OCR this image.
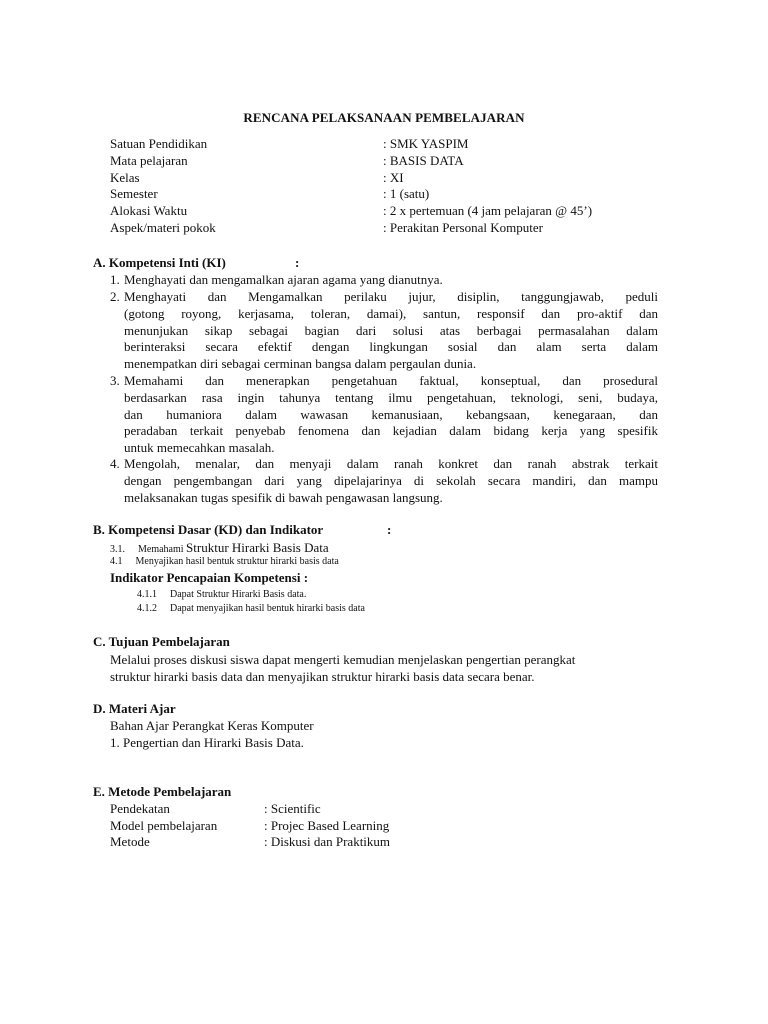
RENCANA PELAKSANAAN PEMBELAJARAN
Satuan Pendidikan	: SMK YASPIM
Mata pelajaran	: BASIS DATA
Kelas	: XI
Semester	: 1 (satu)
Alokasi Waktu	: 2 x pertemuan (4 jam pelajaran @ 45’)
Aspek/materi pokok	: Perakitan Personal Komputer
A. Kompetensi Inti (KI)	:
1. Menghayati dan mengamalkan ajaran agama yang dianutnya.
2. Menghayati dan Mengamalkan perilaku jujur, disiplin, tanggungjawab, peduli
(gotong royong, kerjasama, toleran, damai), santun, responsif dan pro-aktif dan
menunjukan sikap sebagai bagian dari solusi atas berbagai permasalahan dalam
berinteraksi secara efektif dengan lingkungan sosial dan alam serta dalam
menempatkan diri sebagai cerminan bangsa dalam pergaulan dunia.
3. Memahami dan menerapkan pengetahuan faktual, konseptual, dan prosedural
berdasarkan rasa ingin tahunya tentang ilmu pengetahuan, teknologi, seni, budaya,
dan humaniora dalam wawasan kemanusiaan, kebangsaan, kenegaraan, dan
peradaban terkait penyebab fenomena dan kejadian dalam bidang kerja yang spesifik
untuk memecahkan masalah.
4. Mengolah, menalar, dan menyaji dalam ranah konkret dan ranah abstrak terkait
dengan pengembangan dari yang dipelajarinya di sekolah secara mandiri, dan mampu
melaksanakan tugas spesifik di bawah pengawasan langsung.
B. Kompetensi Dasar (KD) dan Indikator	:
3.1. Memahami Struktur Hirarki Basis Data
4.1 Menyajikan hasil bentuk struktur hirarki basis data
Indikator Pencapaian Kompetensi :
4.1.1 Dapat Struktur Hirarki Basis data.
4.1.2 Dapat menyajikan hasil bentuk hirarki basis data
C. Tujuan Pembelajaran
Melalui proses diskusi siswa dapat mengerti kemudian menjelaskan pengertian perangkat
struktur hirarki basis data dan menyajikan struktur hirarki basis data secara benar.
D. Materi Ajar
Bahan Ajar Perangkat Keras Komputer
1. Pengertian dan Hirarki Basis Data.
E. Metode Pembelajaran
Pendekatan	: Scientific
Model pembelajaran	: Projec Based Learning
Metode	: Diskusi dan Praktikum
